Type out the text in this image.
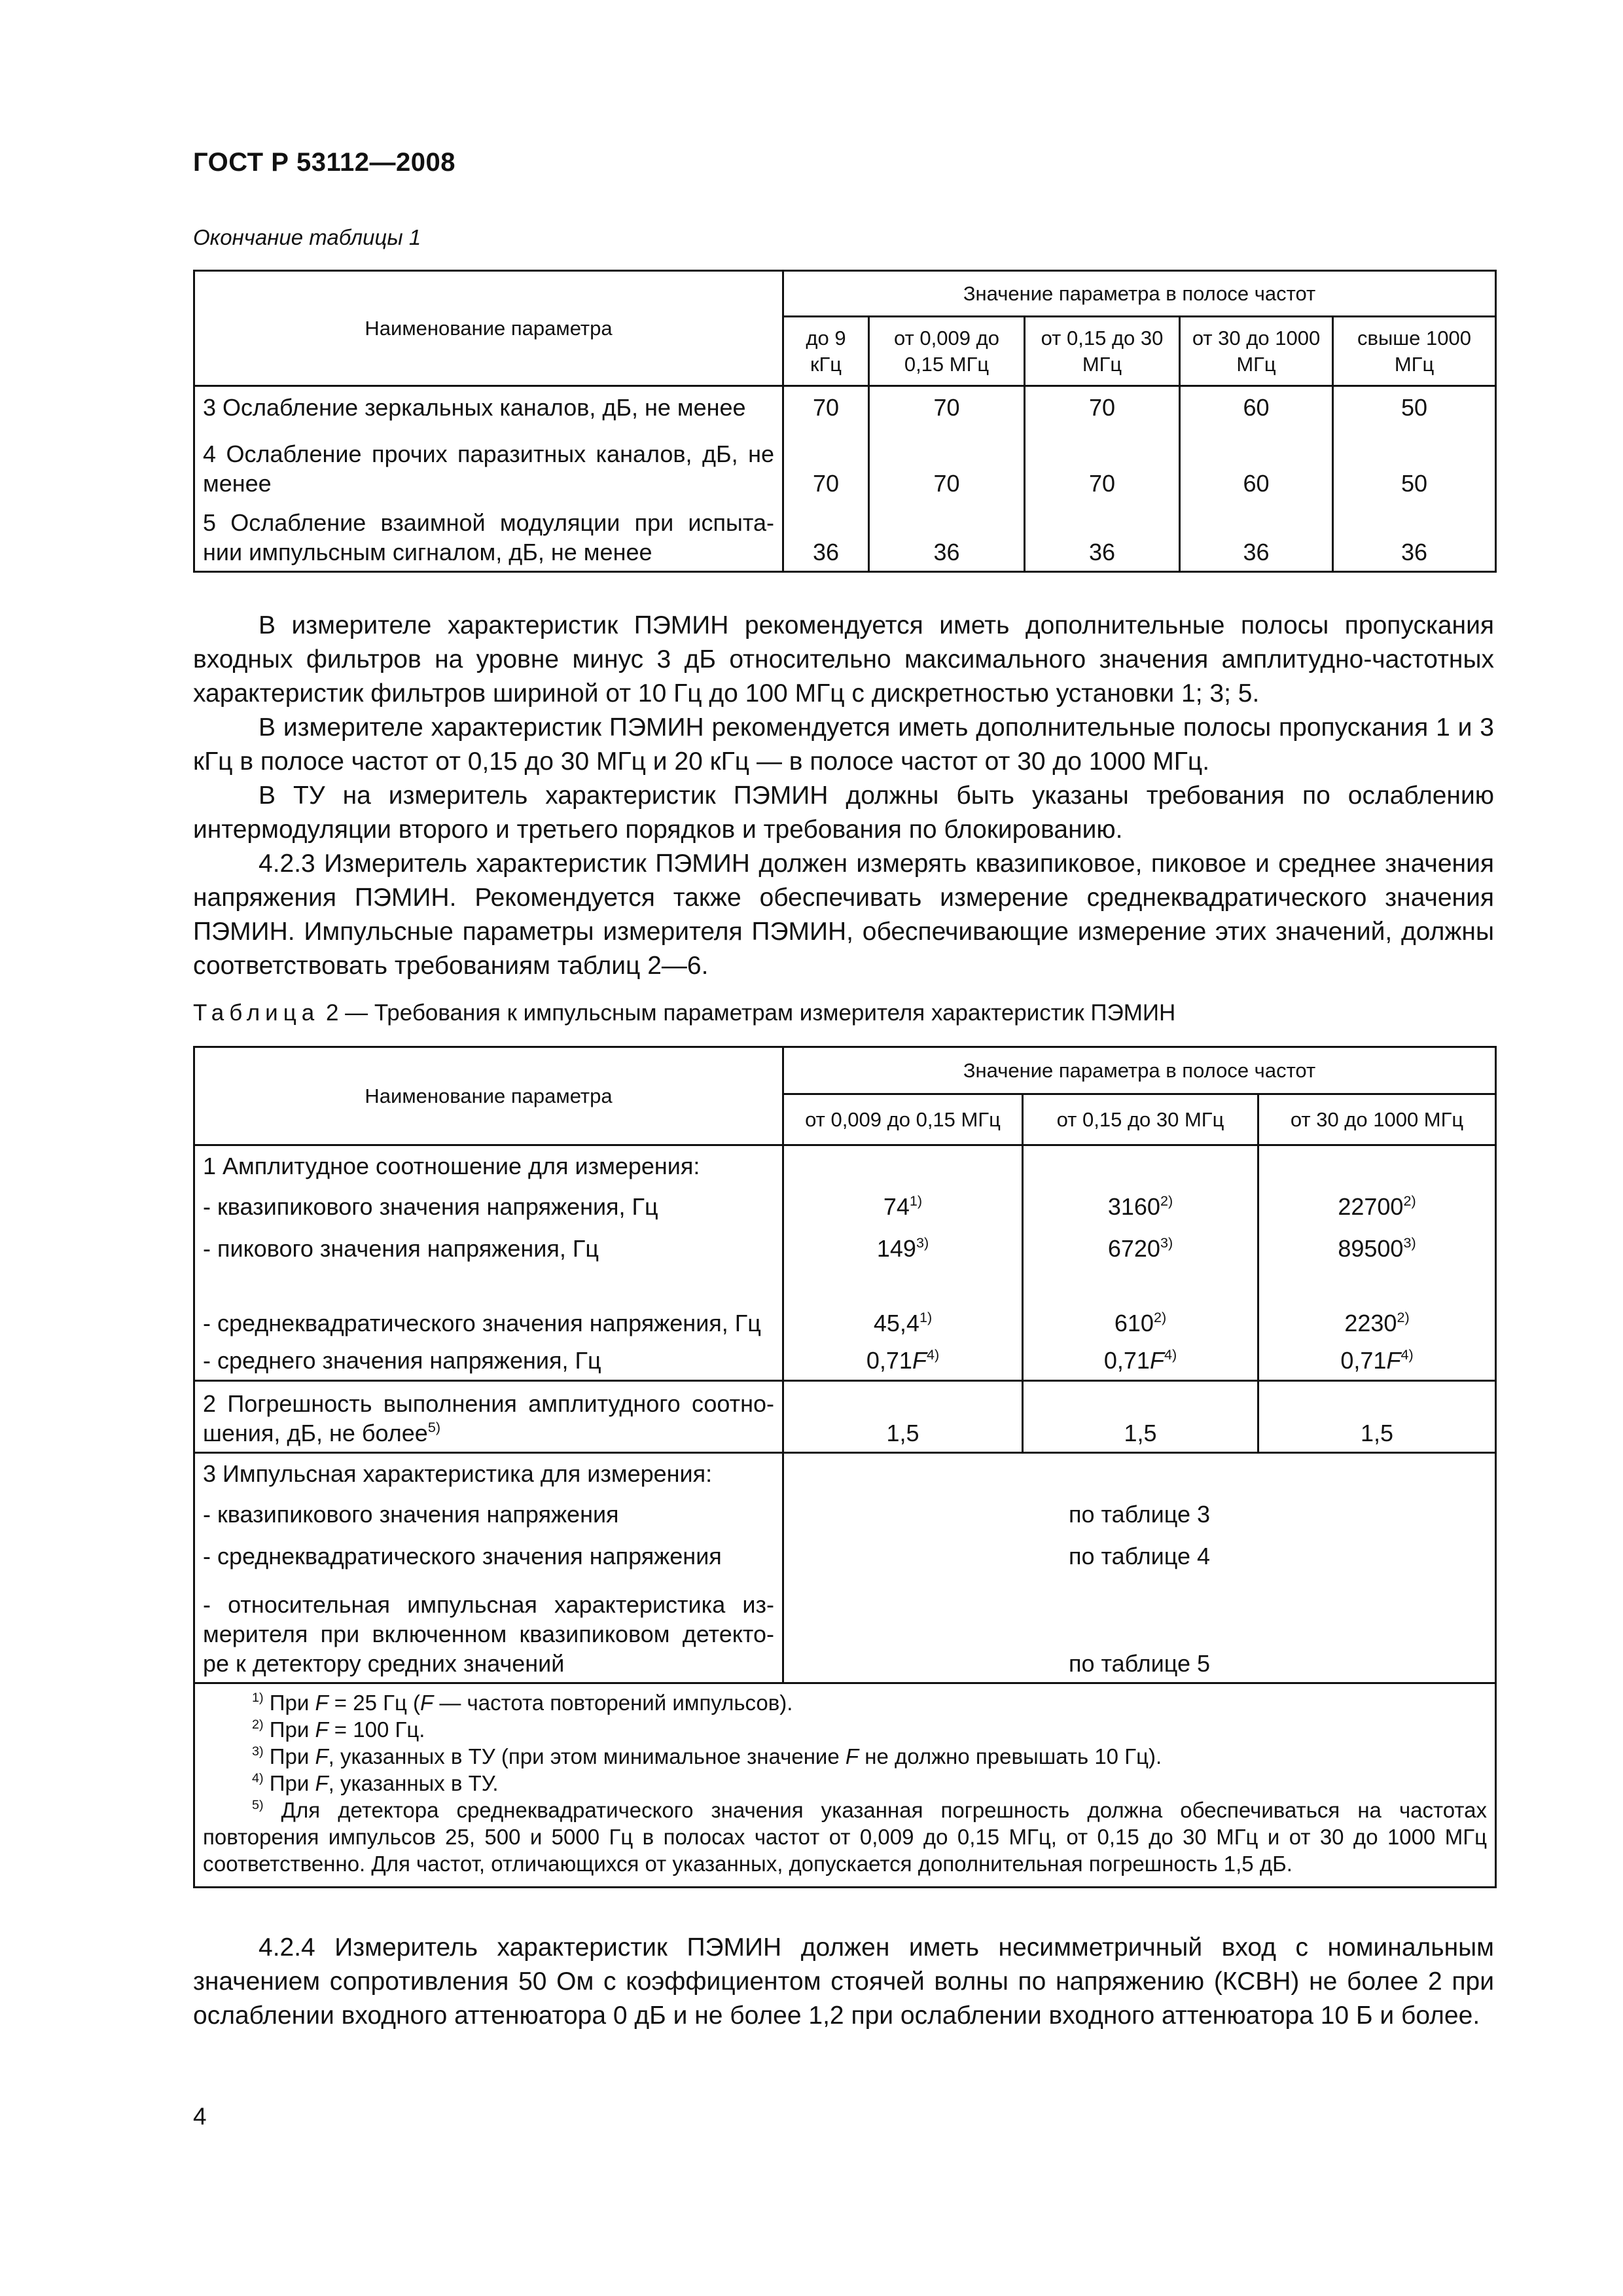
ГОСТ Р 53112—2008
Окончание таблицы 1
Наименование параметра	Значение параметра в полосе частот				
	до 9 кГц	от 0,009 до 0,15 МГц	от 0,15 до 30 МГц	от 30 до 1000 МГц	свыше 1000 МГц
3 Ослабление зеркальных каналов, дБ, не менее	70	70	70	60	50
4 Ослабление прочих паразитных каналов, дБ, не менее	70	70	70	60	50
5 Ослабление взаимной модуляции при испыта- нии импульсным сигналом, дБ, не менее	36	36	36	36	36

В измерителе характеристик ПЭМИН рекомендуется иметь дополнительные полосы пропускания входных фильтров на уровне минус 3 дБ относительно максимального значения амплитудно-частотных характеристик фильтров шириной от 10 Гц до 100 МГц с дискретностью установки 1; 3; 5.

В измерителе характеристик ПЭМИН рекомендуется иметь дополнительные полосы пропускания 1 и 3 кГц в полосе частот от 0,15 до 30 МГц и 20 кГц — в полосе частот от 30 до 1000 МГц.

В ТУ на измеритель характеристик ПЭМИН должны быть указаны требования по ослаблению интермодуляции второго и третьего порядков и требования по блокированию.

4.2.3 Измеритель характеристик ПЭМИН должен измерять квазипиковое, пиковое и среднее значения напряжения ПЭМИН. Рекомендуется также обеспечивать измерение среднеквадратического значения ПЭМИН. Импульсные параметры измерителя ПЭМИН, обеспечивающие измерение этих значений, должны соответствовать требованиям таблиц 2—6.

Таблица 2 — Требования к импульсным параметрам измерителя характеристик ПЭМИН
Наименование параметра	Значение параметра в полосе частот		
	от 0,009 до 0,15 МГц	от 0,15 до 30 МГц	от 30 до 1000 МГц
1 Амплитудное соотношение для измерения:			
- квазипикового значения напряжения, Гц	74$^{1)}$	3160$^{2)}$	22700$^{2)}$
- пикового значения напряжения, Гц	149$^{3)}$	6720$^{3)}$	89500$^{3)}$
- среднеквадратического значения напряжения, Гц	45,4$^{1)}$	610$^{2)}$	2230$^{2)}$
- среднего значения напряжения, Гц	$0,71F^{4)}$	$0,71F^{4)}$	$0,71F^{4)}$
2 Погрешность выполнения амплитудного соотно- шения, дБ, не более$^{5)}$	1,5	1,5	1,5
3 Импульсная характеристика для измерения:			
- квазипикового значения напряжения	по таблице 3		
- среднеквадратического значения напряжения	по таблице 4		
- относительная импульсная характеристика из- мерителя при включенном квазипиковом детекто- ре к детектору средних значений	по таблице 5		

$^{1)}$ При F = 25 Гц (F — частота повторений импульсов).
$^{2)}$ При F = 100 Гц.
$^{3)}$ При F, указанных в ТУ (при этом минимальное значение F не должно превышать 10 Гц).
$^{4)}$ При F, указанных в ТУ.
$^{5)}$ Для детектора среднеквадратического значения указанная погрешность должна обеспечиваться на частотах повторения импульсов 25, 500 и 5000 Гц в полосах частот от 0,009 до 0,15 МГц, от 0,15 до 30 МГц и от 30 до 1000 МГц соответственно. Для частот, отличающихся от указанных, допускается дополнительная погрешность 1,5 дБ.			

4.2.4 Измеритель характеристик ПЭМИН должен иметь несимметричный вход с номинальным значением сопротивления 50 Ом с коэффициентом стоячей волны по напряжению (КСВН) не более 2 при ослаблении входного аттенюатора 0 дБ и не более 1,2 при ослаблении входного аттенюатора 10 Б и более.

4
